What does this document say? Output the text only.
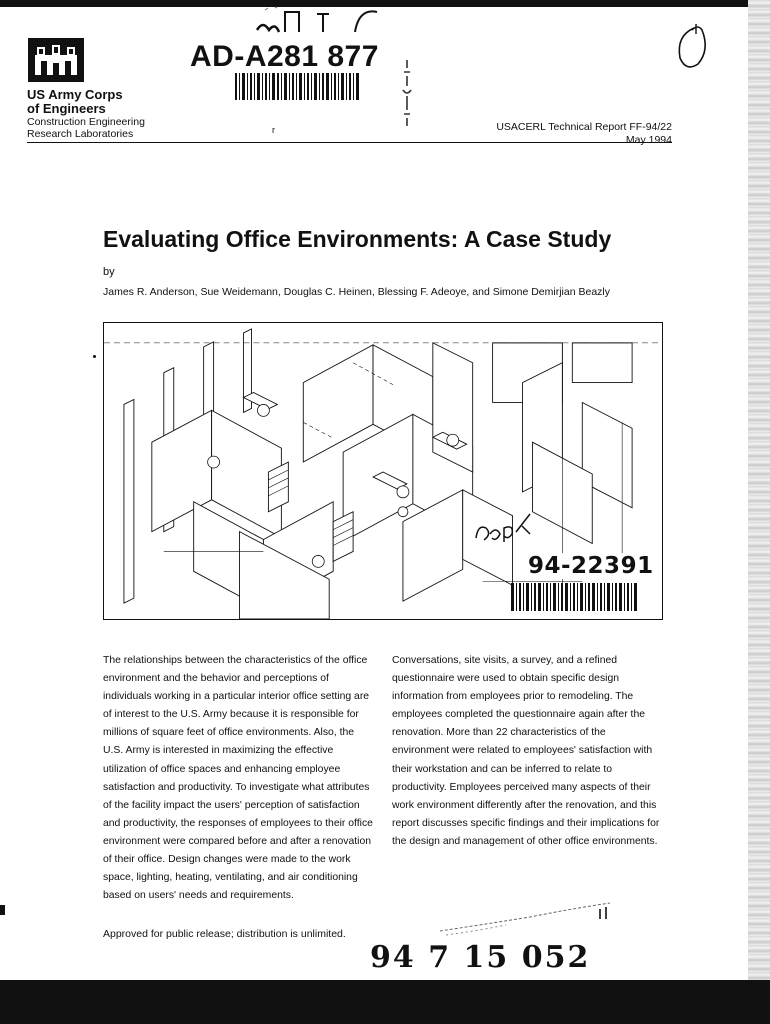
US Army Corps
of Engineers
Construction Engineering
Research Laboratories
AD-A281 877
r	USACERL Technical Report FF-94/22
May 1994
Evaluating Office Environments: A Case Study
by
James R. Anderson, Sue Weidemann, Douglas C. Heinen, Blessing F. Adeoye, and Simone Demirjian Beazly
94-22391

The relationships between the characteristics of the office environment and the behavior and perceptions of individuals working in a particular interior office setting are of interest to the U.S. Army because it is responsible for millions of square feet of office environments. Also, the U.S. Army is interested in maximizing the effective utilization of office spaces and enhancing employee satisfaction and productivity. To investigate what attributes of the facility impact the users' perception of satisfaction and productivity, the responses of employees to their office environment were compared before and after a renovation of their office. Design changes were made to the work space, lighting, heating, ventilating, and air conditioning based on users' needs and requirements.

Conversations, site visits, a survey, and a refined questionnaire were used to obtain specific design information from employees prior to remodeling. The employees completed the questionnaire again after the renovation. More than 22 characteristics of the environment were related to employees' satisfaction with their workstation and can be inferred to relate to productivity. Employees perceived many aspects of their work environment differently after the renovation, and this report discusses specific findings and their implications for the design and management of other office environments.

Approved for public release; distribution is unlimited.
94 7 15 052
